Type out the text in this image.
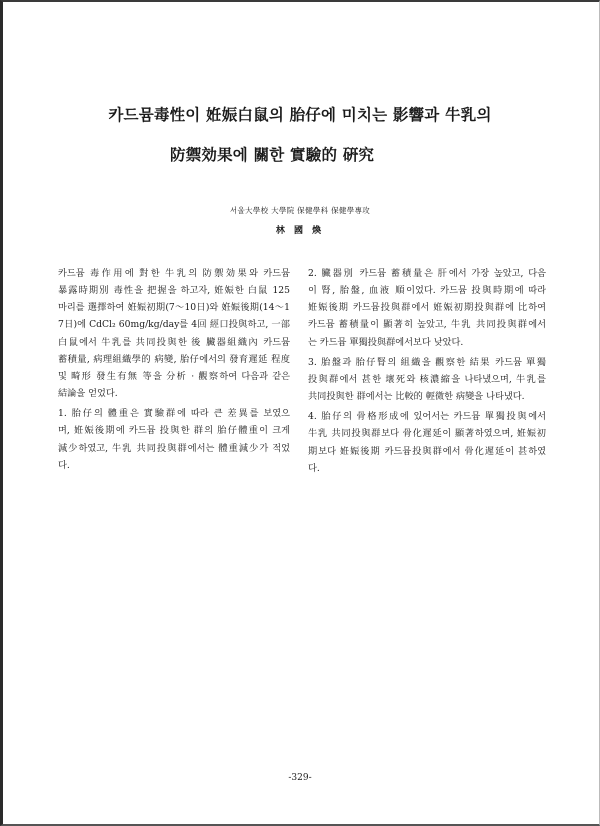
카드뮴毒性이 姙娠白鼠의 胎仔에 미치는 影響과 牛乳의
防禦効果에 關한 實驗的 硏究
서울大學校 大學院 保健學科 保健學專攻
林 國 煥
카드뮴 毒作用에 對한 牛乳의 防禦効果와 카드뮴
暴露時期別 毒性을 把握을 하고자, 姙娠한 白鼠 125
마리를 選擇하여 姙娠初期(7～10日)와 姙娠後期(14～1
7日)에 CdCl₂ 60mg/kg/day를 4回 經口投與하고, 一部
白鼠에서 牛乳를 共同投與한 後 臟器組織內 카드뮴
蓄積量, 病理組織學的 病變, 胎仔에서의 發育遲延 程度
및 畸形 發生有無 等을 分析 · 觀察하여 다음과 같은
結論을 얻었다.
1. 胎仔의 體重은 實驗群에 따라 큰 差異를 보였으
며, 姙娠後期에 카드뮴 投與한 群의 胎仔體重이 크게
減少하였고, 牛乳 共同投與群에서는 體重減少가 적었
다.
2. 臟器別 카드뮴 蓄積量은 肝에서 가장 높았고, 다음
이 腎, 胎盤, 血液 順이었다. 카드뮴 投與時期에 따라
姙娠後期 카드뮴投與群에서 姙娠初期投與群에 比하여
카드뮴 蓄積量이 顯著히 높았고, 牛乳 共同投與群에서
는 카드뮴 單獨投與群에서보다 낮았다.
3. 胎盤과 胎仔腎의 組織을 觀察한 結果 카드뮴 單獨
投與群에서 甚한 壞死와 核濃縮을 나타냈으며, 牛乳를
共同投與한 群에서는 比較的 輕微한 病變을 나타냈다.
4. 胎仔의 骨格形成에 있어서는 카드뮴 單獨投與에서
牛乳 共同投與群보다 骨化遲延이 顯著하였으며, 姙娠初
期보다 姙娠後期 카드뮴投與群에서 骨化遲延이 甚하였
다.
-329-
